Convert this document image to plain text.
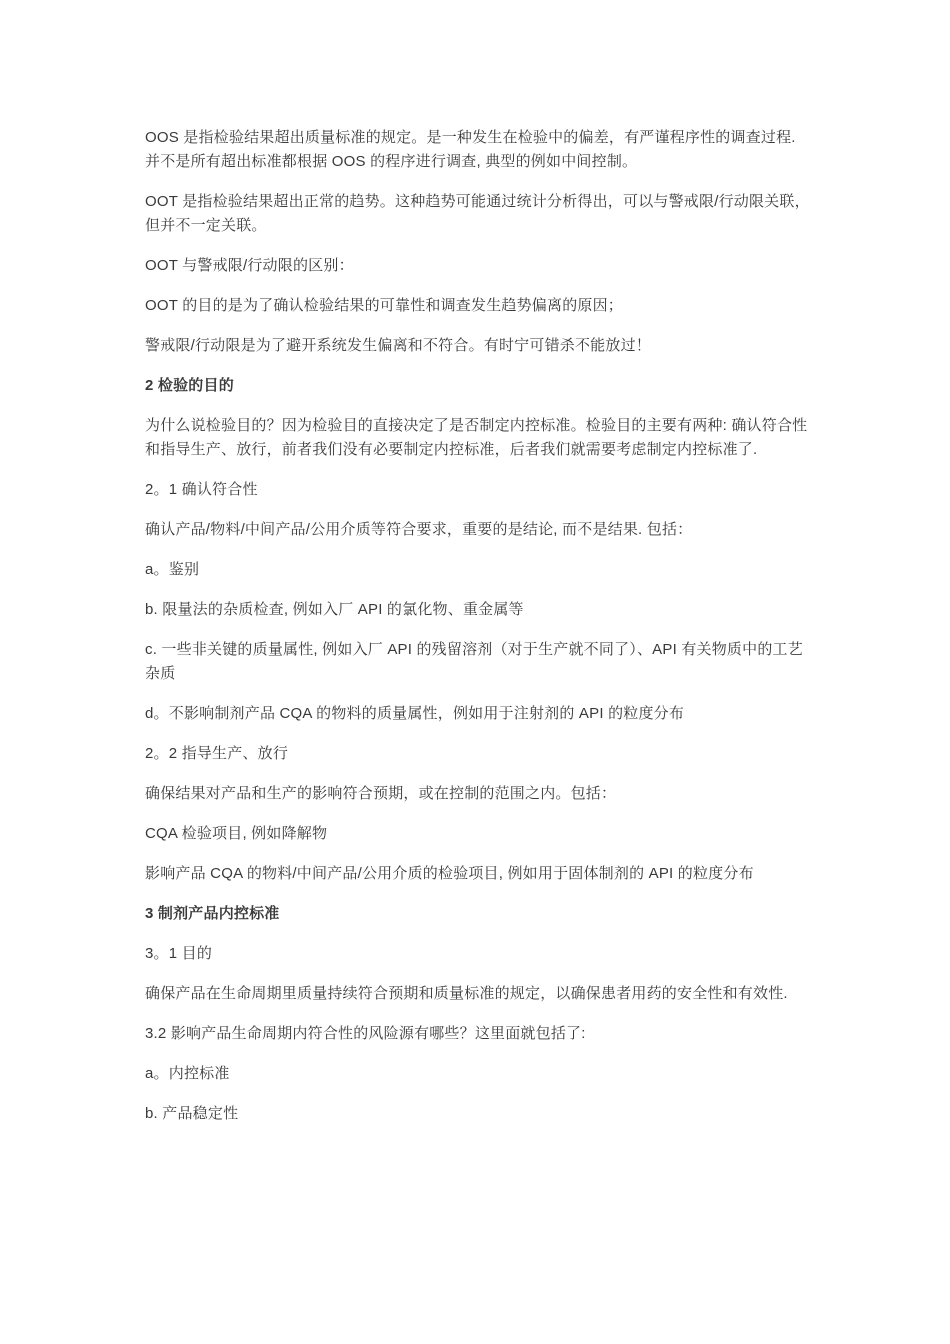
OOS 是指检验结果超出质量标准的规定。是一种发生在检验中的偏差，有严谨程序性的调查过程. 并不是所有超出标准都根据 OOS 的程序进行调查, 典型的例如中间控制。

OOT 是指检验结果超出正常的趋势。这种趋势可能通过统计分析得出，可以与警戒限/行动限关联，但并不一定关联。

OOT 与警戒限/行动限的区别：

OOT 的目的是为了确认检验结果的可靠性和调查发生趋势偏离的原因；

警戒限/行动限是为了避开系统发生偏离和不符合。有时宁可错杀不能放过！

2 检验的目的

为什么说检验目的？因为检验目的直接决定了是否制定内控标准。检验目的主要有两种: 确认符合性和指导生产、放行，前者我们没有必要制定内控标准，后者我们就需要考虑制定内控标准了.

2。1 确认符合性

确认产品/物料/中间产品/公用介质等符合要求，重要的是结论, 而不是结果. 包括：

a。鉴别

b. 限量法的杂质检查, 例如入厂 API 的氯化物、重金属等

c. 一些非关键的质量属性, 例如入厂 API 的残留溶剂（对于生产就不同了）、API 有关物质中的工艺杂质

d。不影响制剂产品 CQA 的物料的质量属性，例如用于注射剂的 API 的粒度分布

2。2 指导生产、放行

确保结果对产品和生产的影响符合预期，或在控制的范围之内。包括：

CQA 检验项目, 例如降解物

影响产品 CQA 的物料/中间产品/公用介质的检验项目, 例如用于固体制剂的 API 的粒度分布

3 制剂产品内控标准

3。1 目的

确保产品在生命周期里质量持续符合预期和质量标准的规定，以确保患者用药的安全性和有效性.

3.2 影响产品生命周期内符合性的风险源有哪些？这里面就包括了:

a。内控标准

b. 产品稳定性
